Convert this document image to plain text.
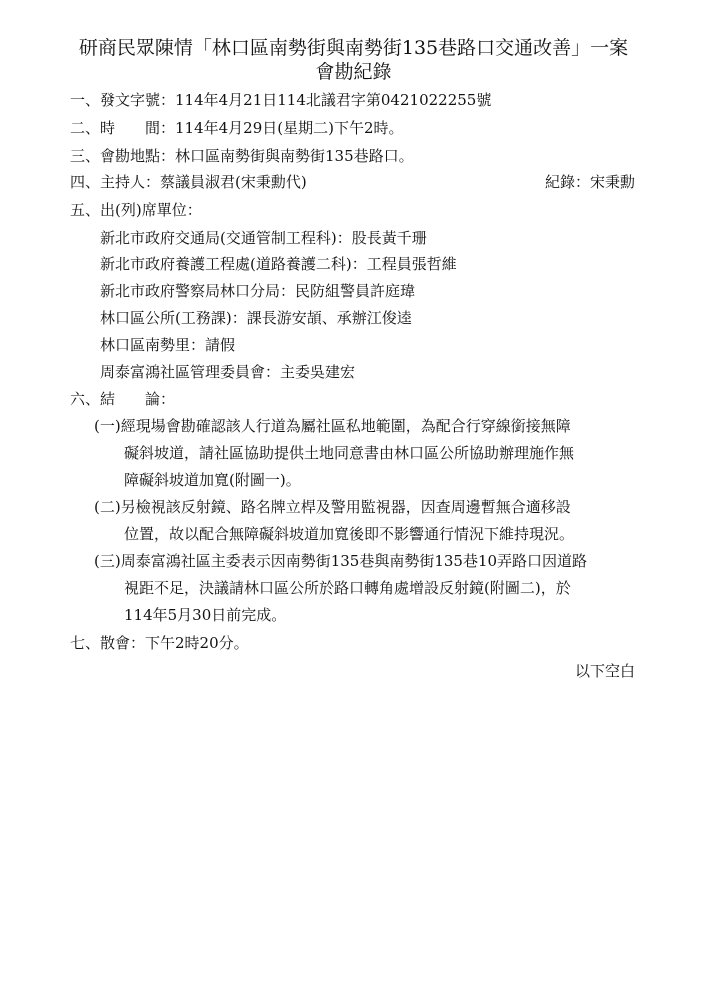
研商民眾陳情「林口區南勢街與南勢街135巷路口交通改善」一案
會勘紀錄
一、發文字號：114年4月21日114北議君字第0421022255號
二、時　　間：114年4月29日(星期二)下午2時。
三、會勘地點：林口區南勢街與南勢街135巷路口。
四、主持人：蔡議員淑君(宋秉勳代)	紀錄：宋秉勳
五、出(列)席單位：
新北市政府交通局(交通管制工程科)：股長黃千珊
新北市政府養護工程處(道路養護二科)：工程員張哲維
新北市政府警察局林口分局：民防組警員許庭瑋
林口區公所(工務課)：課長游安頡、承辦江俊逵
林口區南勢里：請假
周泰富鴻社區管理委員會：主委吳建宏
六、結　　論：
(一)經現場會勘確認該人行道為屬社區私地範圍，為配合行穿線銜接無障
礙斜坡道，請社區協助提供土地同意書由林口區公所協助辦理施作無
障礙斜坡道加寬(附圖一)。
(二)另檢視該反射鏡、路名牌立桿及警用監視器，因查周邊暫無合適移設
位置，故以配合無障礙斜坡道加寬後即不影響通行情況下維持現況。
(三)周泰富鴻社區主委表示因南勢街135巷與南勢街135巷10弄路口因道路
視距不足，決議請林口區公所於路口轉角處增設反射鏡(附圖二)，於
114年5月30日前完成。
七、散會：下午2時20分。
以下空白
